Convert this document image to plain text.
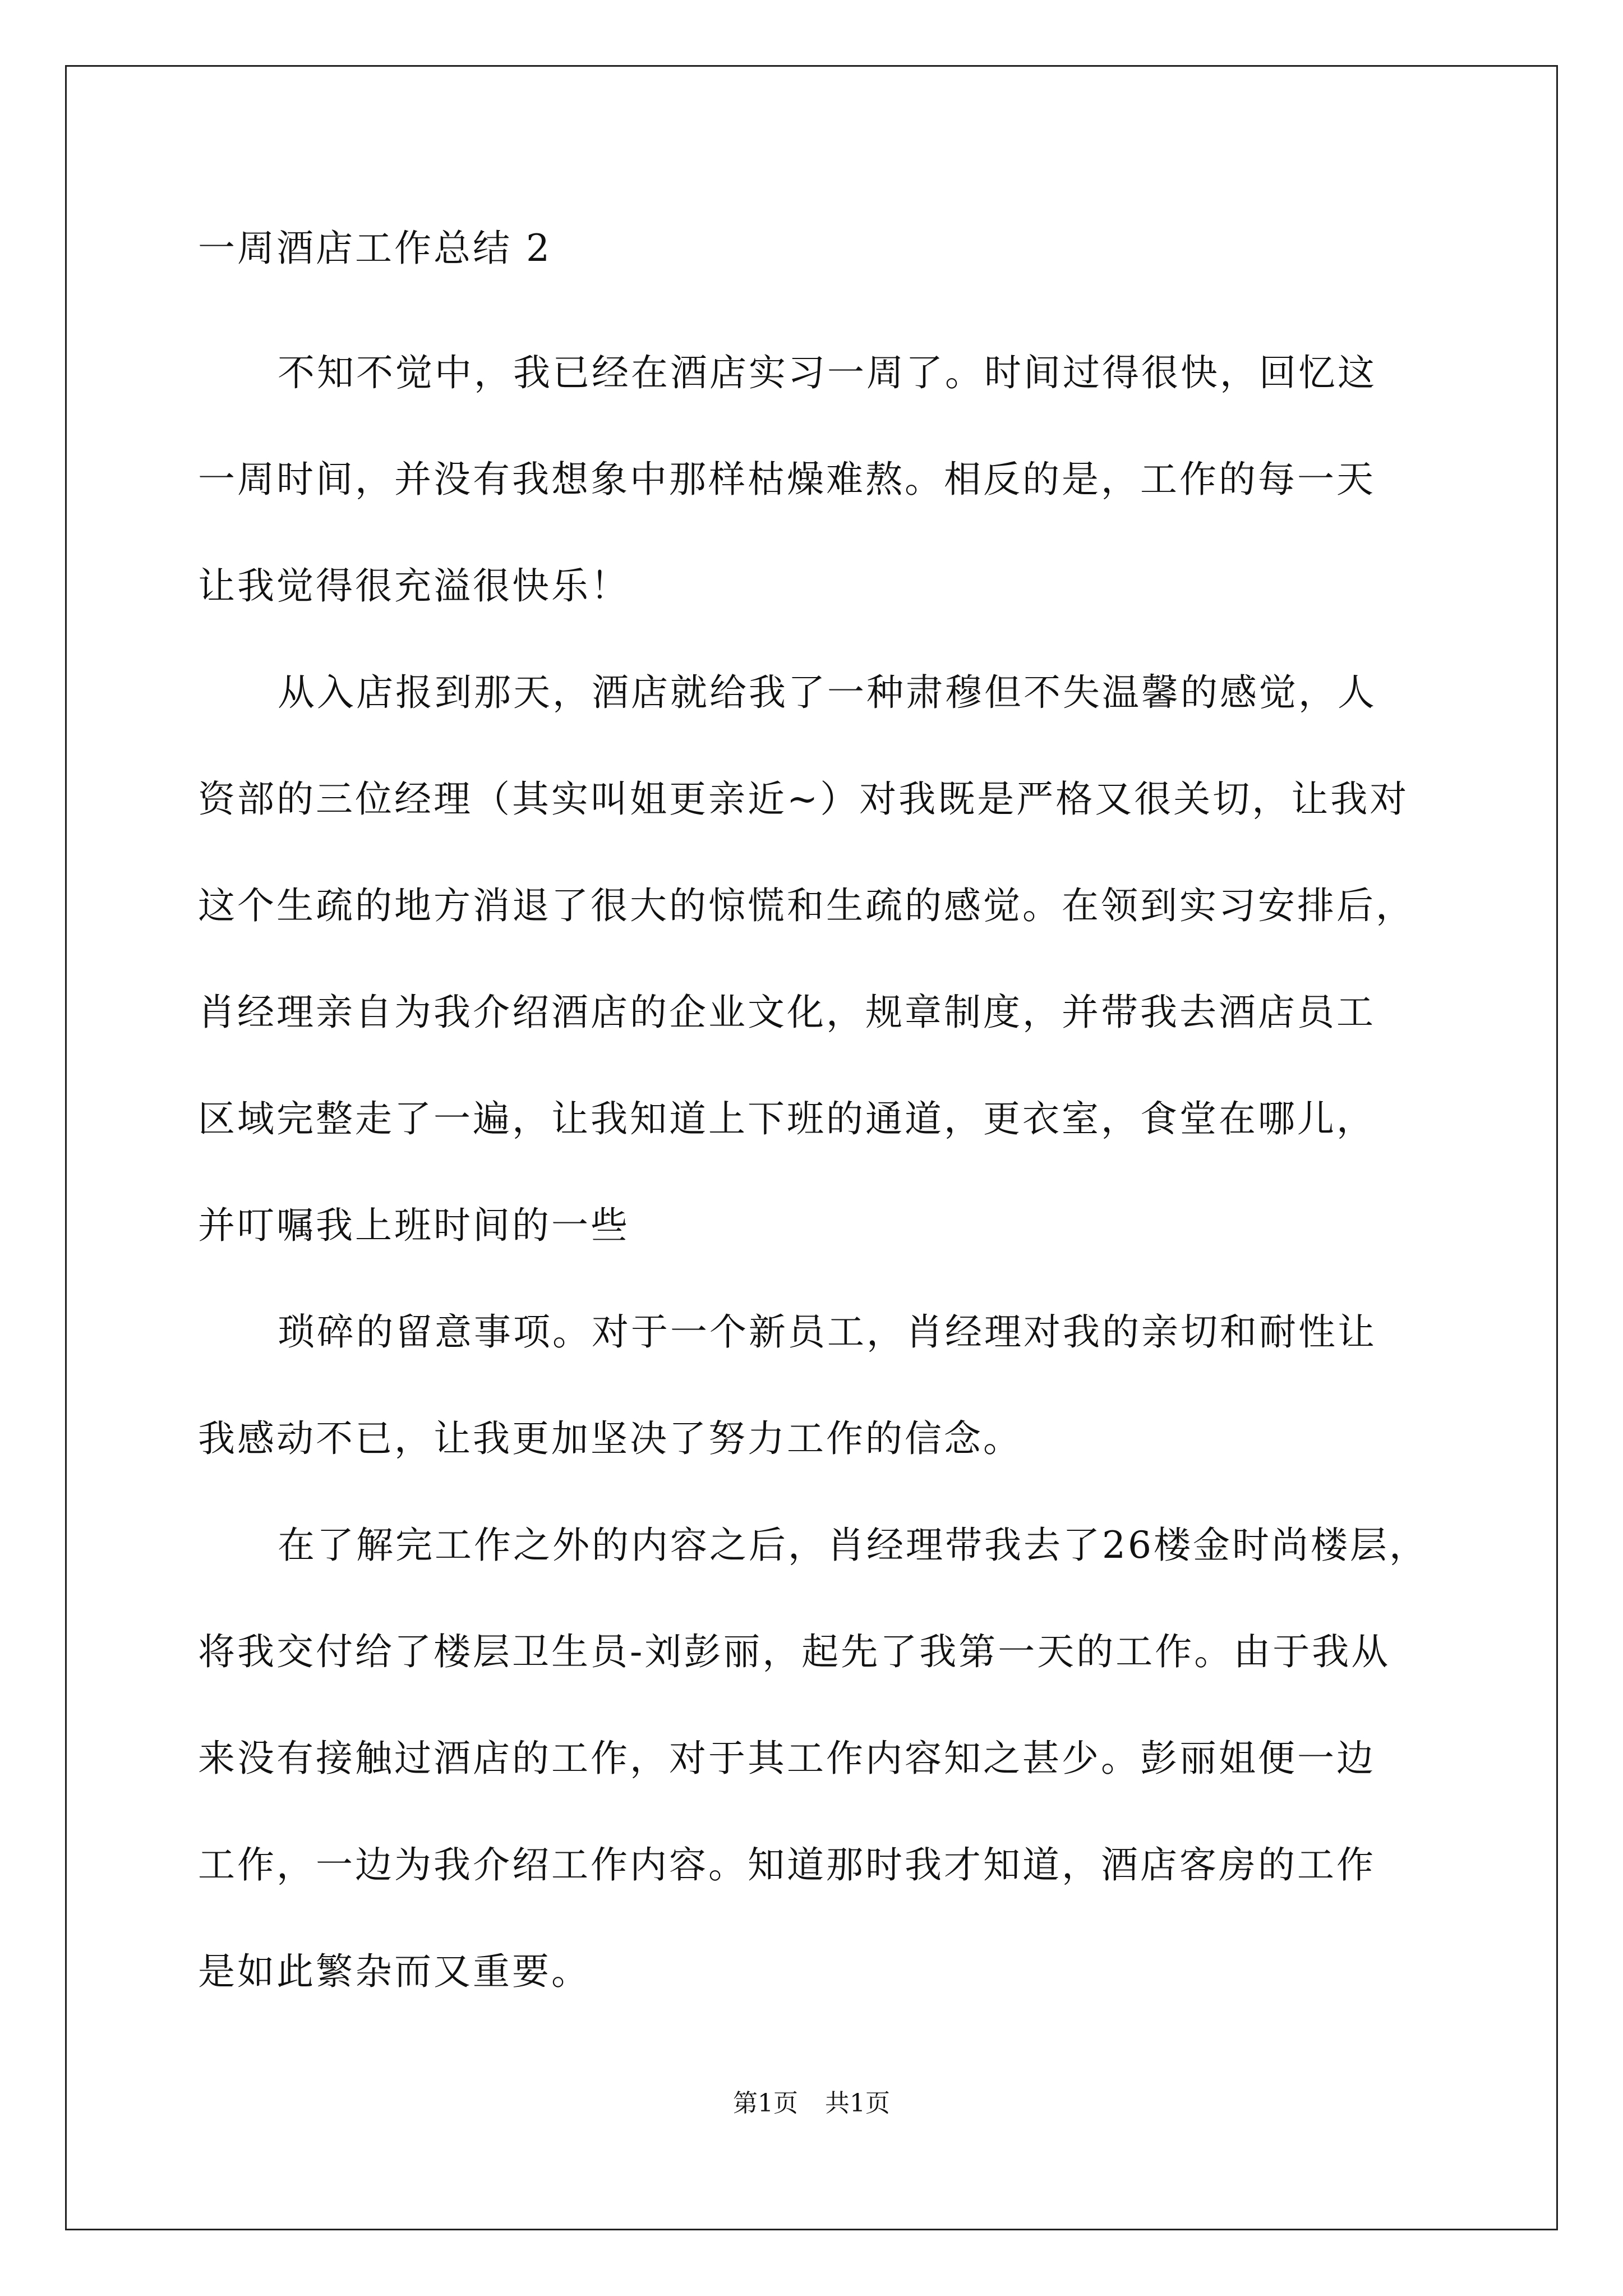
一周酒店工作总结 2

不知不觉中，我已经在酒店实习一周了。时间过得很快，回忆这
一周时间，并没有我想象中那样枯燥难熬。相反的是，工作的每一天
让我觉得很充溢很快乐！

从入店报到那天，酒店就给我了一种肃穆但不失温馨的感觉，人
资部的三位经理（其实叫姐更亲近~）对我既是严格又很关切，让我对
这个生疏的地方消退了很大的惊慌和生疏的感觉。在领到实习安排后，
肖经理亲自为我介绍酒店的企业文化，规章制度，并带我去酒店员工
区域完整走了一遍，让我知道上下班的通道，更衣室，食堂在哪儿，
并叮嘱我上班时间的一些

琐碎的留意事项。对于一个新员工，肖经理对我的亲切和耐性让
我感动不已，让我更加坚决了努力工作的信念。

在了解完工作之外的内容之后，肖经理带我去了26楼金时尚楼层，
将我交付给了楼层卫生员-刘彭丽，起先了我第一天的工作。由于我从
来没有接触过酒店的工作，对于其工作内容知之甚少。彭丽姐便一边
工作，一边为我介绍工作内容。知道那时我才知道，酒店客房的工作
是如此繁杂而又重要。

第1页 共1页
